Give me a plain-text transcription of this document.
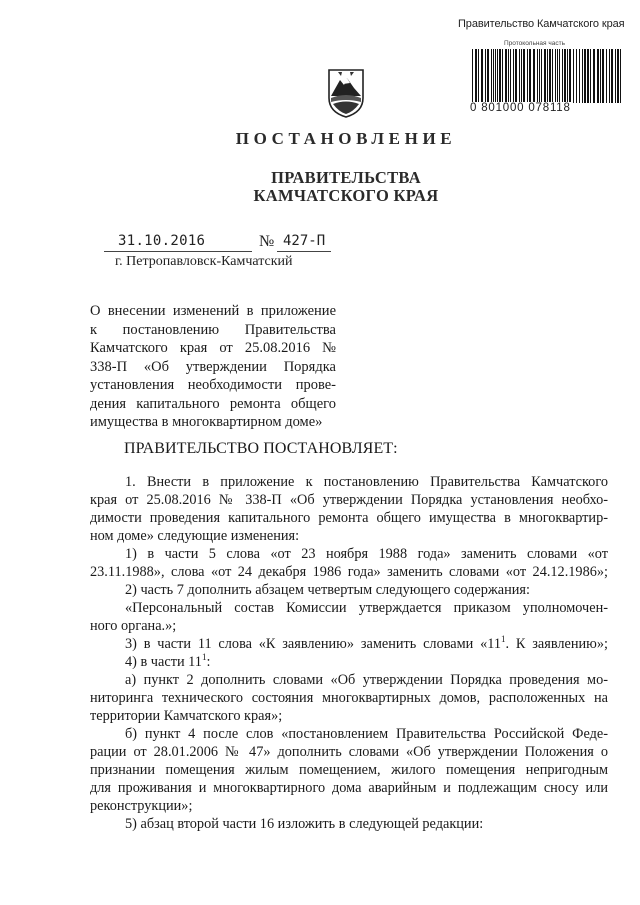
Правительство Камчатского края
Протокольная часть
0 801000 078118
ПОСТАНОВЛЕНИЕ
ПРАВИТЕЛЬСТВА
КАМЧАТСКОГО КРАЯ
31.10.2016	№ 427-П
г. Петропавловск-Камчатский
О внесении изменений в приложение
к постановлению Правительства
Камчатского края от 25.08.2016 №
338-П «Об утверждении Порядка
установления необходимости прове-
дения капитального ремонта общего
имущества в многоквартирном доме»
ПРАВИТЕЛЬСТВО ПОСТАНОВЛЯЕТ:
1. Внести в приложение к постановлению Правительства Камчатского
края от 25.08.2016 № 338-П «Об утверждении Порядка установления необхо-
димости проведения капитального ремонта общего имущества в многоквартир-
ном доме» следующие изменения:
1) в части 5 слова «от 23 ноября 1988 года» заменить словами «от
23.11.1988», слова «от 24 декабря 1986 года» заменить словами «от 24.12.1986»;
2) часть 7 дополнить абзацем четвертым следующего содержания:
«Персональный состав Комиссии утверждается приказом уполномочен-
ного органа.»;
3) в части 11 слова «К заявлению» заменить словами «$11^1$. К заявлению»;
4) в части $11^1$:
а) пункт 2 дополнить словами «Об утверждении Порядка проведения мо-
ниторинга технического состояния многоквартирных домов, расположенных на
территории Камчатского края»;
б) пункт 4 после слов «постановлением Правительства Российской Феде-
рации от 28.01.2006 № 47» дополнить словами «Об утверждении Положения о
признании помещения жилым помещением, жилого помещения непригодным
для проживания и многоквартирного дома аварийным и подлежащим сносу или
реконструкции»;
5) абзац второй части 16 изложить в следующей редакции:
